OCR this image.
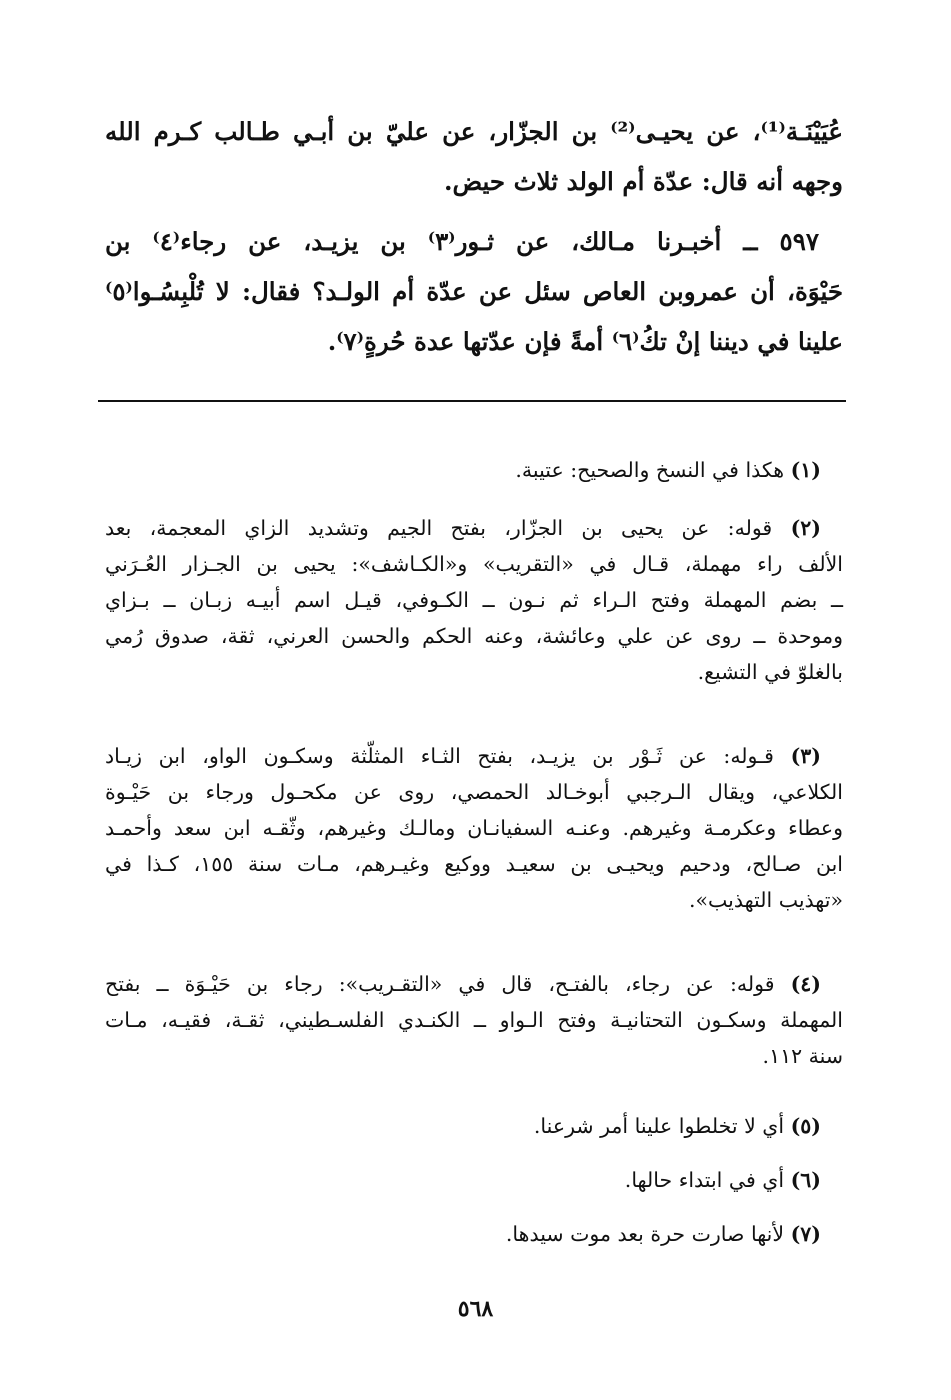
عُيَيْنَـة⁽¹⁾، عن يحيـى⁽²⁾ بن الجزّار، عن عليّ بن أبـي طـالب كـرم الله
وجهه أنه قال: عدّة أم الولد ثلاث حيض.
٥٩٧ ــ أخبـرنا مـالك، عن ثـور⁽٣⁾ بن يزيـد، عن رجاء⁽٤⁾ بن
حَيْوَة، أن عمروبن العاص سئل عن عدّة أم الولـد؟ فقال: لا تُلْبِسُـوا⁽٥⁾
علينا في ديننا إنْ تكُ⁽٦⁾ أمةً فإن عدّتها عدة حُرةٍ⁽٧⁾.
(١) هكذا في النسخ والصحيح: عتيبة.
(٢) قوله: عن يحيى بن الجزّار، بفتح الجيم وتشديد الزاي المعجمة، بعد
الألف راء مهملة، قـال في «التقريب» و«الكـاشف»: يحيى بن الجـزار العُـرَني
ــ بضم المهملة وفتح الـراء ثم نـون ــ الكـوفي، قيـل اسم أبيـه زبـان ــ بـزاي
وموحدة ــ روى عن علي وعائشة، وعنه الحكم والحسن العرني، ثقة، صدوق رُمي
بالغلوّ في التشيع.
(٣) قـوله: عن ثَـوْر بن يزيـد، بفتح الثـاء المثلّثة وسكـون الواو، ابن زيـاد
الكلاعي، ويقال الـرجبي أبوخـالد الحمصي، روى عن مكحـول ورجاء بن حَيْـوة
وعطاء وعكرمـة وغيرهم. وعنـه السفيانـان ومالـك وغيرهم، وثّقـه ابن سعد وأحمـد
ابن صـالح، ودحيم ويحيـى بن سعيـد ووكيع وغيـرهم، مـات سنة ١٥٥، كـذا في
«تهذيب التهذيب».
(٤) قوله: عن رجاء، بالفتـح، قال في «التقـريب»: رجاء بن حَيْـوَة ــ بفتح
المهملة وسكـون التحتانيـة وفتح الـواو ــ الكنـدي الفلسـطيني، ثقـة، فقيـه، مـات
سنة ١١٢.
(٥) أي لا تخلطوا علينا أمر شرعنا.
(٦) أي في ابتداء حالها.
(٧) لأنها صارت حرة بعد موت سيدها.
٥٦٨
